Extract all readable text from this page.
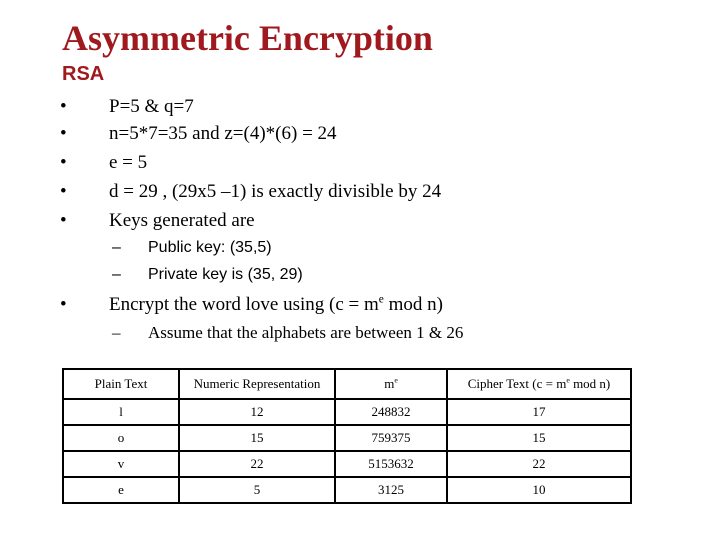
Asymmetric Encryption
RSA
• P=5 & q=7
• n=5*7=35 and z=(4)*(6) = 24
• e = 5
• d = 29 , (29x5 –1) is exactly divisible by 24
• Keys generated are
– Public key: (35,5)
– Private key is (35, 29)
• Encrypt the word love using ($c = m^e$ mod n)
– Assume that the alphabets are between 1 & 26
Plain Text	Numeric Representation	$m^e$	Cipher Text ($c = m^e$ mod n)
l	12	248832	17
o	15	759375	15
v	22	5153632	22
e	5	3125	10
